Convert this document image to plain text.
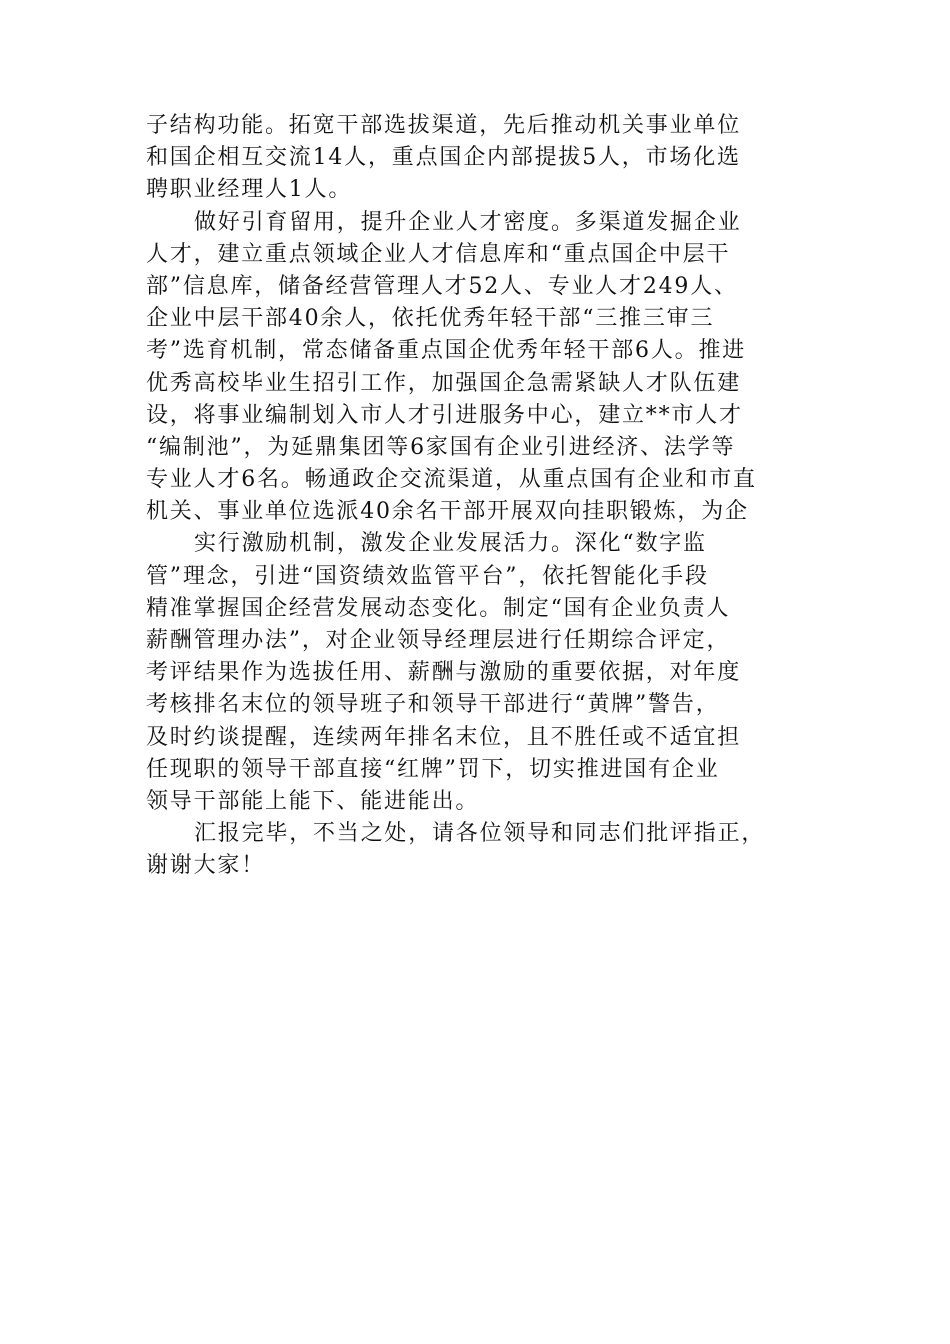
子结构功能。拓宽干部选拔渠道，先后推动机关事业单位
和国企相互交流14人，重点国企内部提拔5人，市场化选
聘职业经理人1人。
做好引育留用，提升企业人才密度。多渠道发掘企业
人才，建立重点领域企业人才信息库和“重点国企中层干
部”信息库，储备经营管理人才52人、专业人才249人、
企业中层干部40余人，依托优秀年轻干部“三推三审三
考”选育机制，常态储备重点国企优秀年轻干部6人。推进
优秀高校毕业生招引工作，加强国企急需紧缺人才队伍建
设，将事业编制划入市人才引进服务中心，建立**市人才
“编制池”，为延鼎集团等6家国有企业引进经济、法学等
专业人才6名。畅通政企交流渠道，从重点国有企业和市直
机关、事业单位选派40余名干部开展双向挂职锻炼，为企
实行激励机制，激发企业发展活力。深化“数字监
管”理念，引进“国资绩效监管平台”，依托智能化手段
精准掌握国企经营发展动态变化。制定“国有企业负责人
薪酬管理办法”，对企业领导经理层进行任期综合评定，
考评结果作为选拔任用、薪酬与激励的重要依据，对年度
考核排名末位的领导班子和领导干部进行“黄牌”警告，
及时约谈提醒，连续两年排名末位，且不胜任或不适宜担
任现职的领导干部直接“红牌”罚下，切实推进国有企业
领导干部能上能下、能进能出。
汇报完毕，不当之处，请各位领导和同志们批评指正，
谢谢大家！
